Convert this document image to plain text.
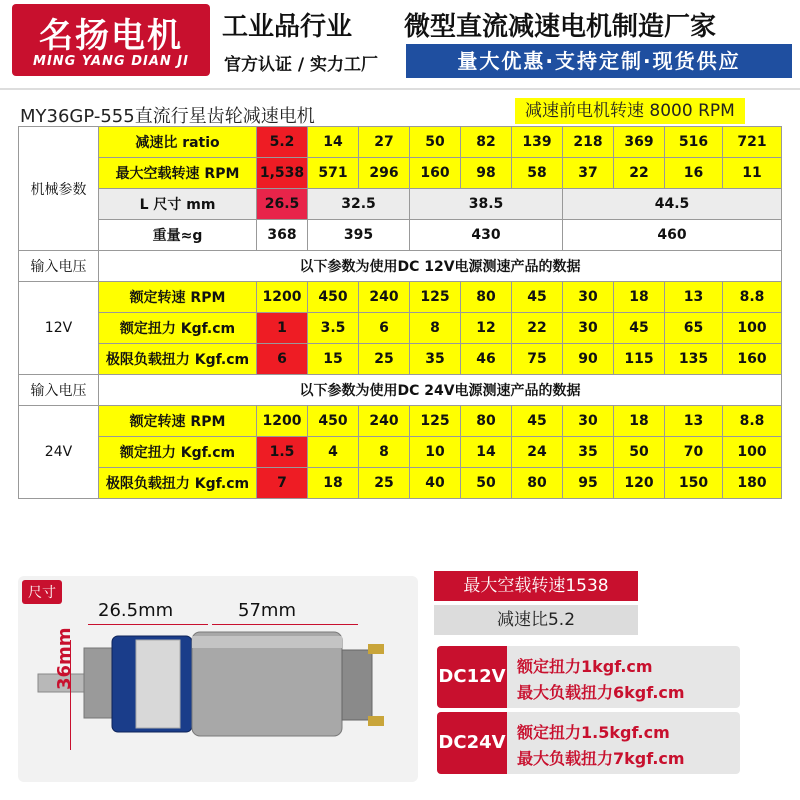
名扬电机
MING YANG DIAN JI
工业品行业
官方认证 / 实力工厂
微型直流减速电机制造厂家
量大优惠·支持定制·现货供应
MY36GP-555直流行星齿轮减速电机	减速前电机转速 8000 RPM
机械参数	减速比 ratio	5.2	14	27	50	82	139	218	369	516	721
	最大空载转速 RPM	1,538	571	296	160	98	58	37	22	16	11
	L 尺寸 mm	26.5	32.5		38.5			44.5			
	重量≈g	368	395		430			460			
输入电压	以下参数为使用DC 12V电源测速产品的数据										
12V	额定转速 RPM	1200	450	240	125	80	45	30	18	13	8.8
	额定扭力 Kgf.cm	1	3.5	6	8	12	22	30	45	65	100
	极限负载扭力 Kgf.cm	6	15	25	35	46	75	90	115	135	160
输入电压	以下参数为使用DC 24V电源测速产品的数据										
24V	额定转速 RPM	1200	450	240	125	80	45	30	18	13	8.8
	额定扭力 Kgf.cm	1.5	4	8	10	14	24	35	50	70	100
	极限负载扭力 Kgf.cm	7	18	25	40	50	80	95	120	150	180
尺寸
26.5mm	57mm
36mm
最大空载转速1538
减速比5.2
DC12V 额定扭力1kgf.cm
最大负载扭力6kgf.cm
DC24V 额定扭力1.5kgf.cm
最大负载扭力7kgf.cm
